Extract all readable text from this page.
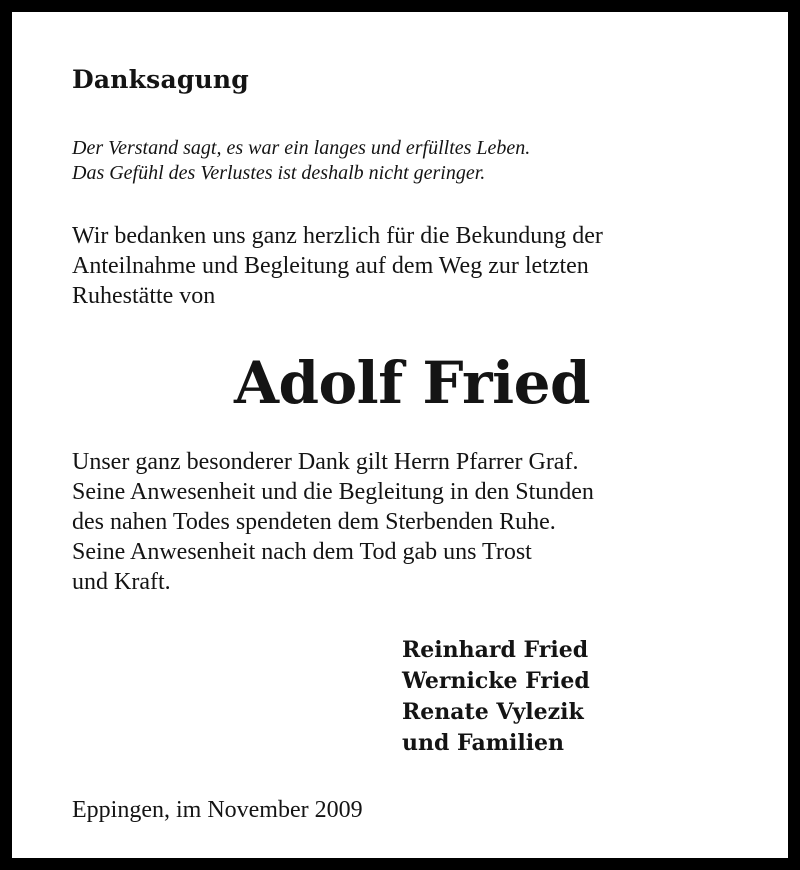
Danksagung
Der Verstand sagt, es war ein langes und erfülltes Leben.
Das Gefühl des Verlustes ist deshalb nicht geringer.
Wir bedanken uns ganz herzlich für die Bekundung der
Anteilnahme und Begleitung auf dem Weg zur letzten
Ruhestätte von
Adolf Fried
Unser ganz besonderer Dank gilt Herrn Pfarrer Graf.
Seine Anwesenheit und die Begleitung in den Stunden
des nahen Todes spendeten dem Sterbenden Ruhe.
Seine Anwesenheit nach dem Tod gab uns Trost
und Kraft.
Reinhard Fried
Wernicke Fried
Renate Vylezik
und Familien
Eppingen, im November 2009
